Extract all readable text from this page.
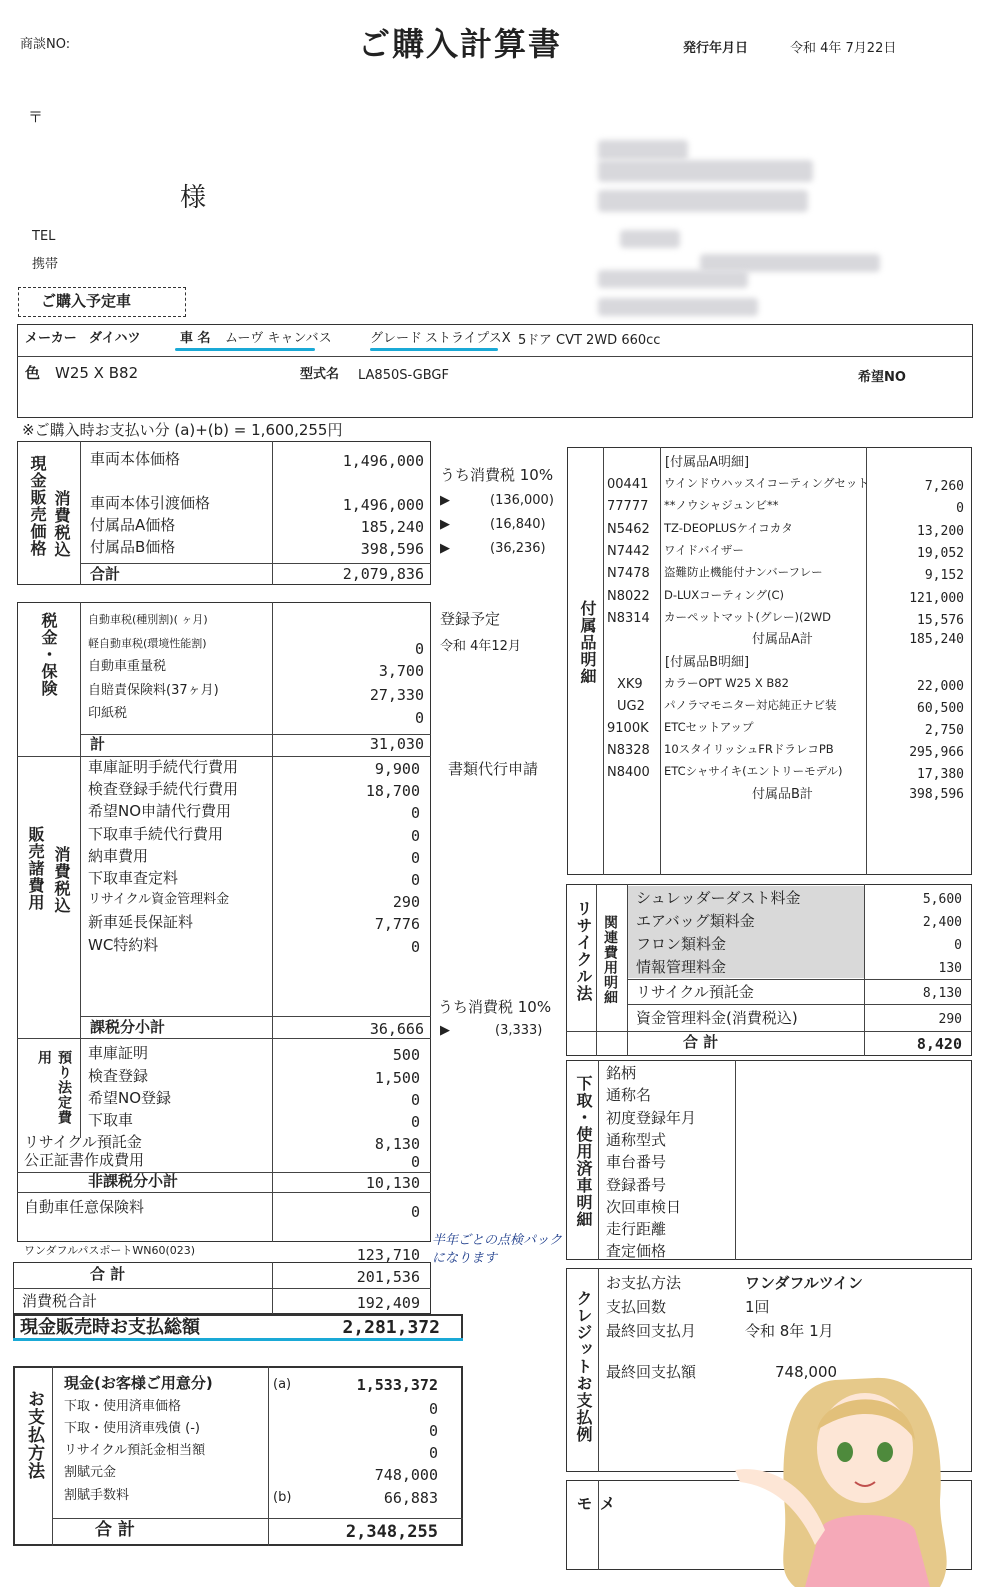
商談NO:	ご購入計算書	発行年月日	令和 4年 7月22日
〒
様
TEL
携帯
ご購入予定車
メーカー ダイハツ	車 名 ムーヴ キャンバス	グレード ストライプスX 5ドア CVT 2WD 660cc
色 W25 X B82	型式名 LA850S-GBGF	希望NO
※ご購入時お支払い分 (a)+(b) = 1,600,255円
現金販売価格 消費税込
車両本体価格	1,496,000
車両本体引渡価格	1,496,000
付属品A価格	185,240
付属品B価格	398,596
合計	2,079,836
うち消費税 10%
▶	(136,000)
▶	(16,840)
▶	(36,236)
税金・保険	自動車税(種別割)( ヶ月)
軽自動車税(環境性能割)	0
自動車重量税	3,700
自賠責保険料(37ヶ月)	27,330
印紙税	0
計	31,030
登録予定
令和 4年12月
販売諸費用 消費税込
車庫証明手続代行費用	9,900
検査登録手続代行費用	18,700
希望NO申請代行費用	0
下取車手続代行費用	0
納車費用	0
下取車査定料	0
リサイクル資金管理料金	290
新車延長保証料	7,776
WC特約料	0
書類代行申請
課税分小計	36,666
うち消費税 10%
▶	(3,333)
預り法定費用	車庫証明	500
検査登録	1,500
希望NO登録	0
下取車	0
リサイクル預託金	8,130
公正証書作成費用	0
非課税分小計	10,130
自動車任意保険料	0
ワンダフルパスポートWN60(023)	123,710
半年ごとの点検パックになります
合 計	201,536
消費税合計	192,409
現金販売時お支払総額	2,281,372
お支払方法
現金(お客様ご用意分)	(a)	1,533,372
下取・使用済車価格	0
下取・使用済車残債 (-)	0
リサイクル預託金相当額	0
割賦元金	748,000
割賦手数料	(b)	66,883
合 計	2,348,255
付属品明細
[付属品A明細]
00441 ウインドウハッスイコーティングセット	7,260
77777 **ノウシャジュンビ**	0
N5462 TZ-DEOPLUSケイコカタ	13,200
N7442 ワイドバイザー	19,052
N7478 盗難防止機能付ナンバーフレー	9,152
N8022 D-LUXコーティング(C)	121,000
N8314 カーペットマット(グレー)(2WD	15,576
付属品A計	185,240
[付属品B明細]
XK9 カラーOPT W25 X B82	22,000
UG2 パノラマモニター対応純正ナビ装	60,500
9100K ETCセットアップ	2,750
N8328 10スタイリッシュFRドラレコPB	295,966
N8400 ETCシャサイキ(エントリーモデル)	17,380
付属品B計	398,596
リサイクル法 関連費用明細
シュレッダーダスト料金	5,600
エアバッグ類料金	2,400
フロン類料金	0
情報管理料金	130
リサイクル預託金	8,130
資金管理料金(消費税込)	290
合 計	8,420
下取・使用済車明細
銘柄
通称名
初度登録年月
通称型式
車台番号
登録番号
次回車検日
走行距離
査定価格
クレジットお支払例
お支払方法	ワンダフルツイン
支払回数	1回
最終回支払月	令和 8年 1月
最終回支払額	748,000
メモ
